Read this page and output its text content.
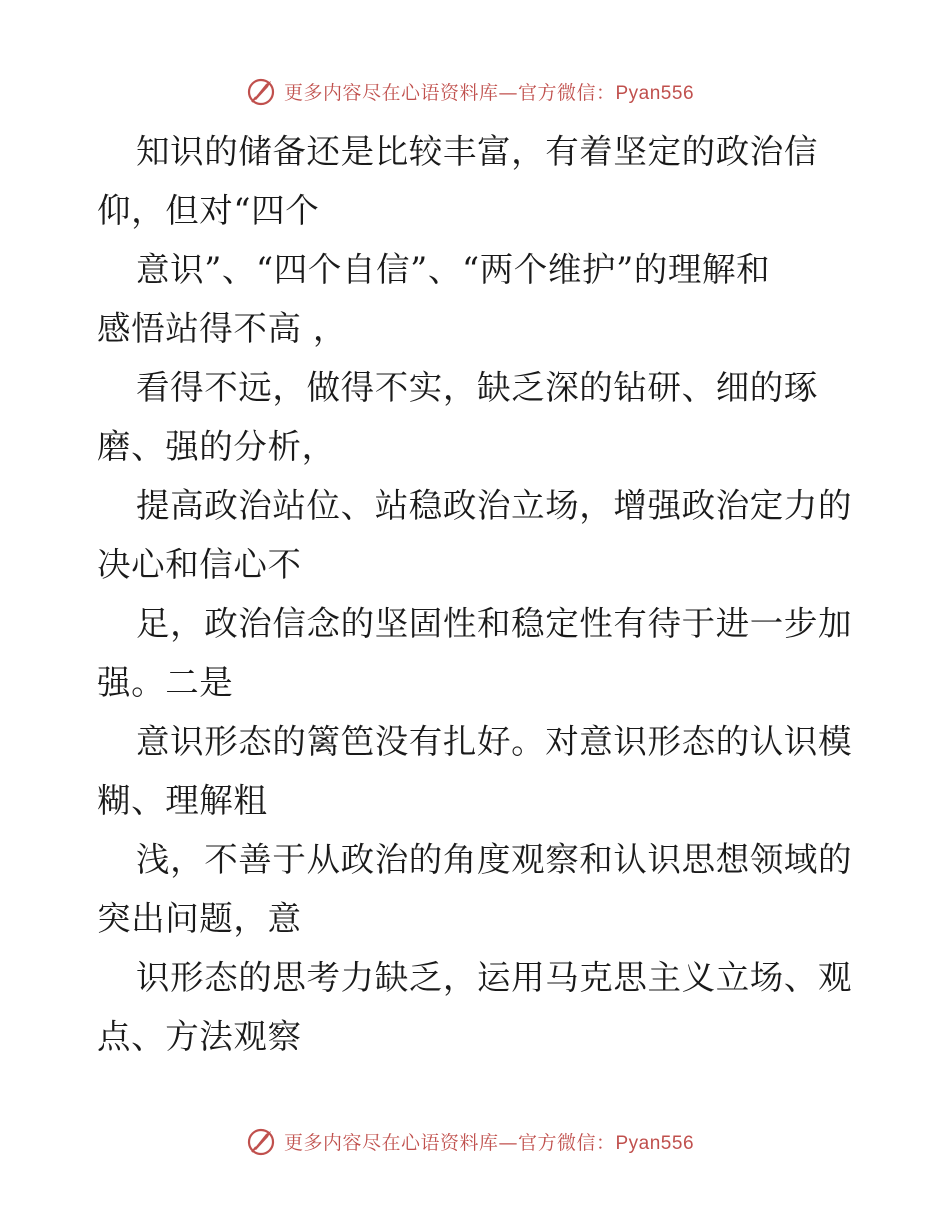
更多内容尽在心语资料库—官方微信：Pyan556
知识的储备还是比较丰富，有着坚定的政治信
仰，但对“四个
意识”、“四个自信”、“两个维护”的理解和
感悟站得不高 ，
看得不远，做得不实，缺乏深的钻研、细的琢
磨、强的分析，
提高政治站位、站稳政治立场，增强政治定力的
决心和信心不
足，政治信念的坚固性和稳定性有待于进一步加
强。二是
意识形态的篱笆没有扎好。对意识形态的认识模
糊、理解粗
浅，不善于从政治的角度观察和认识思想领域的
突出问题，意
识形态的思考力缺乏，运用马克思主义立场、观
点、方法观察
更多内容尽在心语资料库—官方微信：Pyan556
